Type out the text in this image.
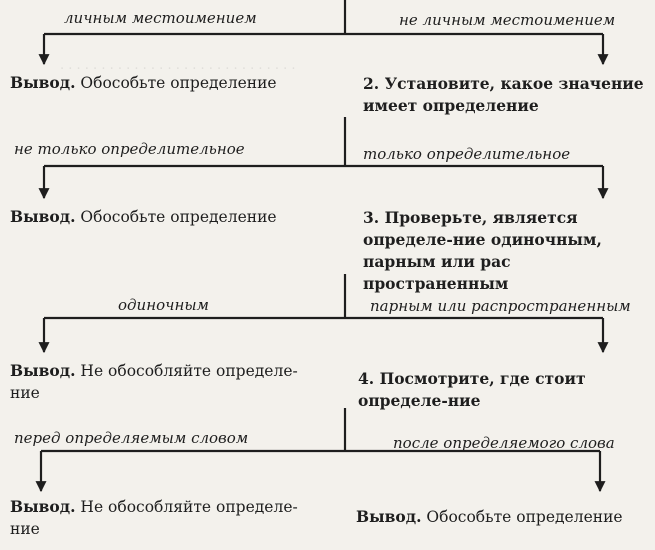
. . . . . . . . . . . . . . . . . . . . . . . . . . . . .
личным местоимением	не личным местоимением
Вывод. Обособьте определение	2. Установите, какое значение имеет определение
не только определительное	только определительное
Вывод. Обособьте определение	3. Проверьте, является определе-ние одиночным, парным или рас пространенным
одиночным	парным или распространенным
Вывод. Не обособляйте определе-ние
4. Посмотрите, где стоит определе-ние
перед определяемым словом	после определяемого слова
Вывод. Не обособляйте определе-ние
Вывод. Обособьте определение
